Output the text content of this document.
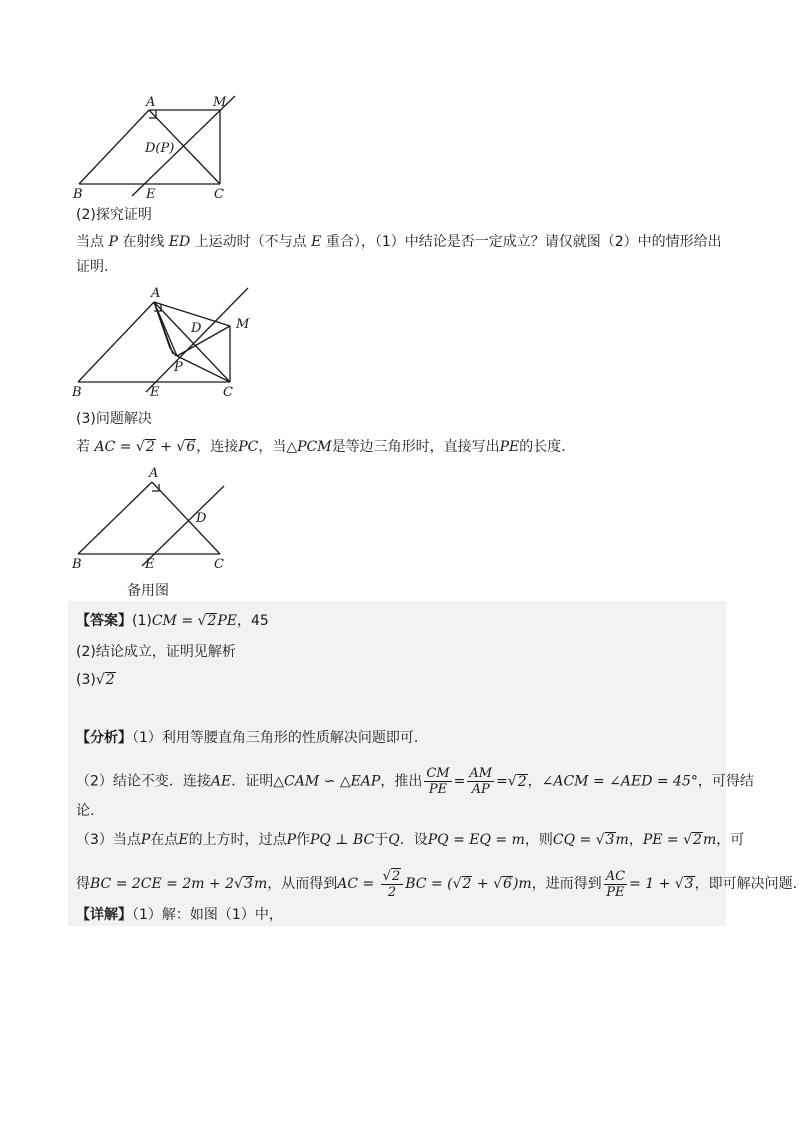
A	M
D(P)
B	E	C
(2)探究证明
当点 P 在射线 ED 上运动时（不与点 E 重合），（1）中结论是否一定成立？请仅就图（2）中的情形给出
证明.
A
D	M
P
B	E	C
(3)问题解决
若 AC = √2 + √6，连接PC，当△PCM是等边三角形时，直接写出PE的长度.
A
D
B	E	C
备用图
【答案】(1)CM = √2PE，45
(2)结论成立，证明见解析
(3)√2
【分析】（1）利用等腰直角三角形的性质解决问题即可.
（2）结论不变．连接AE．证明△CAM ∽ △EAP，推出 $\frac{CM}{PE} = \frac{AM}{AP} =√2$，∠ACM = ∠AED = 45°，可得结
论.
（3）当点P在点E的上方时，过点P作PQ ⊥ BC于Q．设PQ = EQ = m，则CQ = √3m，PE = √2m，可
得BC = 2CE = 2m + 2√3m，从而得到AC = $\frac{√2}{2}$ BC = (√2 + √6)m，进而得到 $\frac{AC}{PE} = 1 + √3$，即可解决问题.
【详解】（1）解：如图（1）中，
